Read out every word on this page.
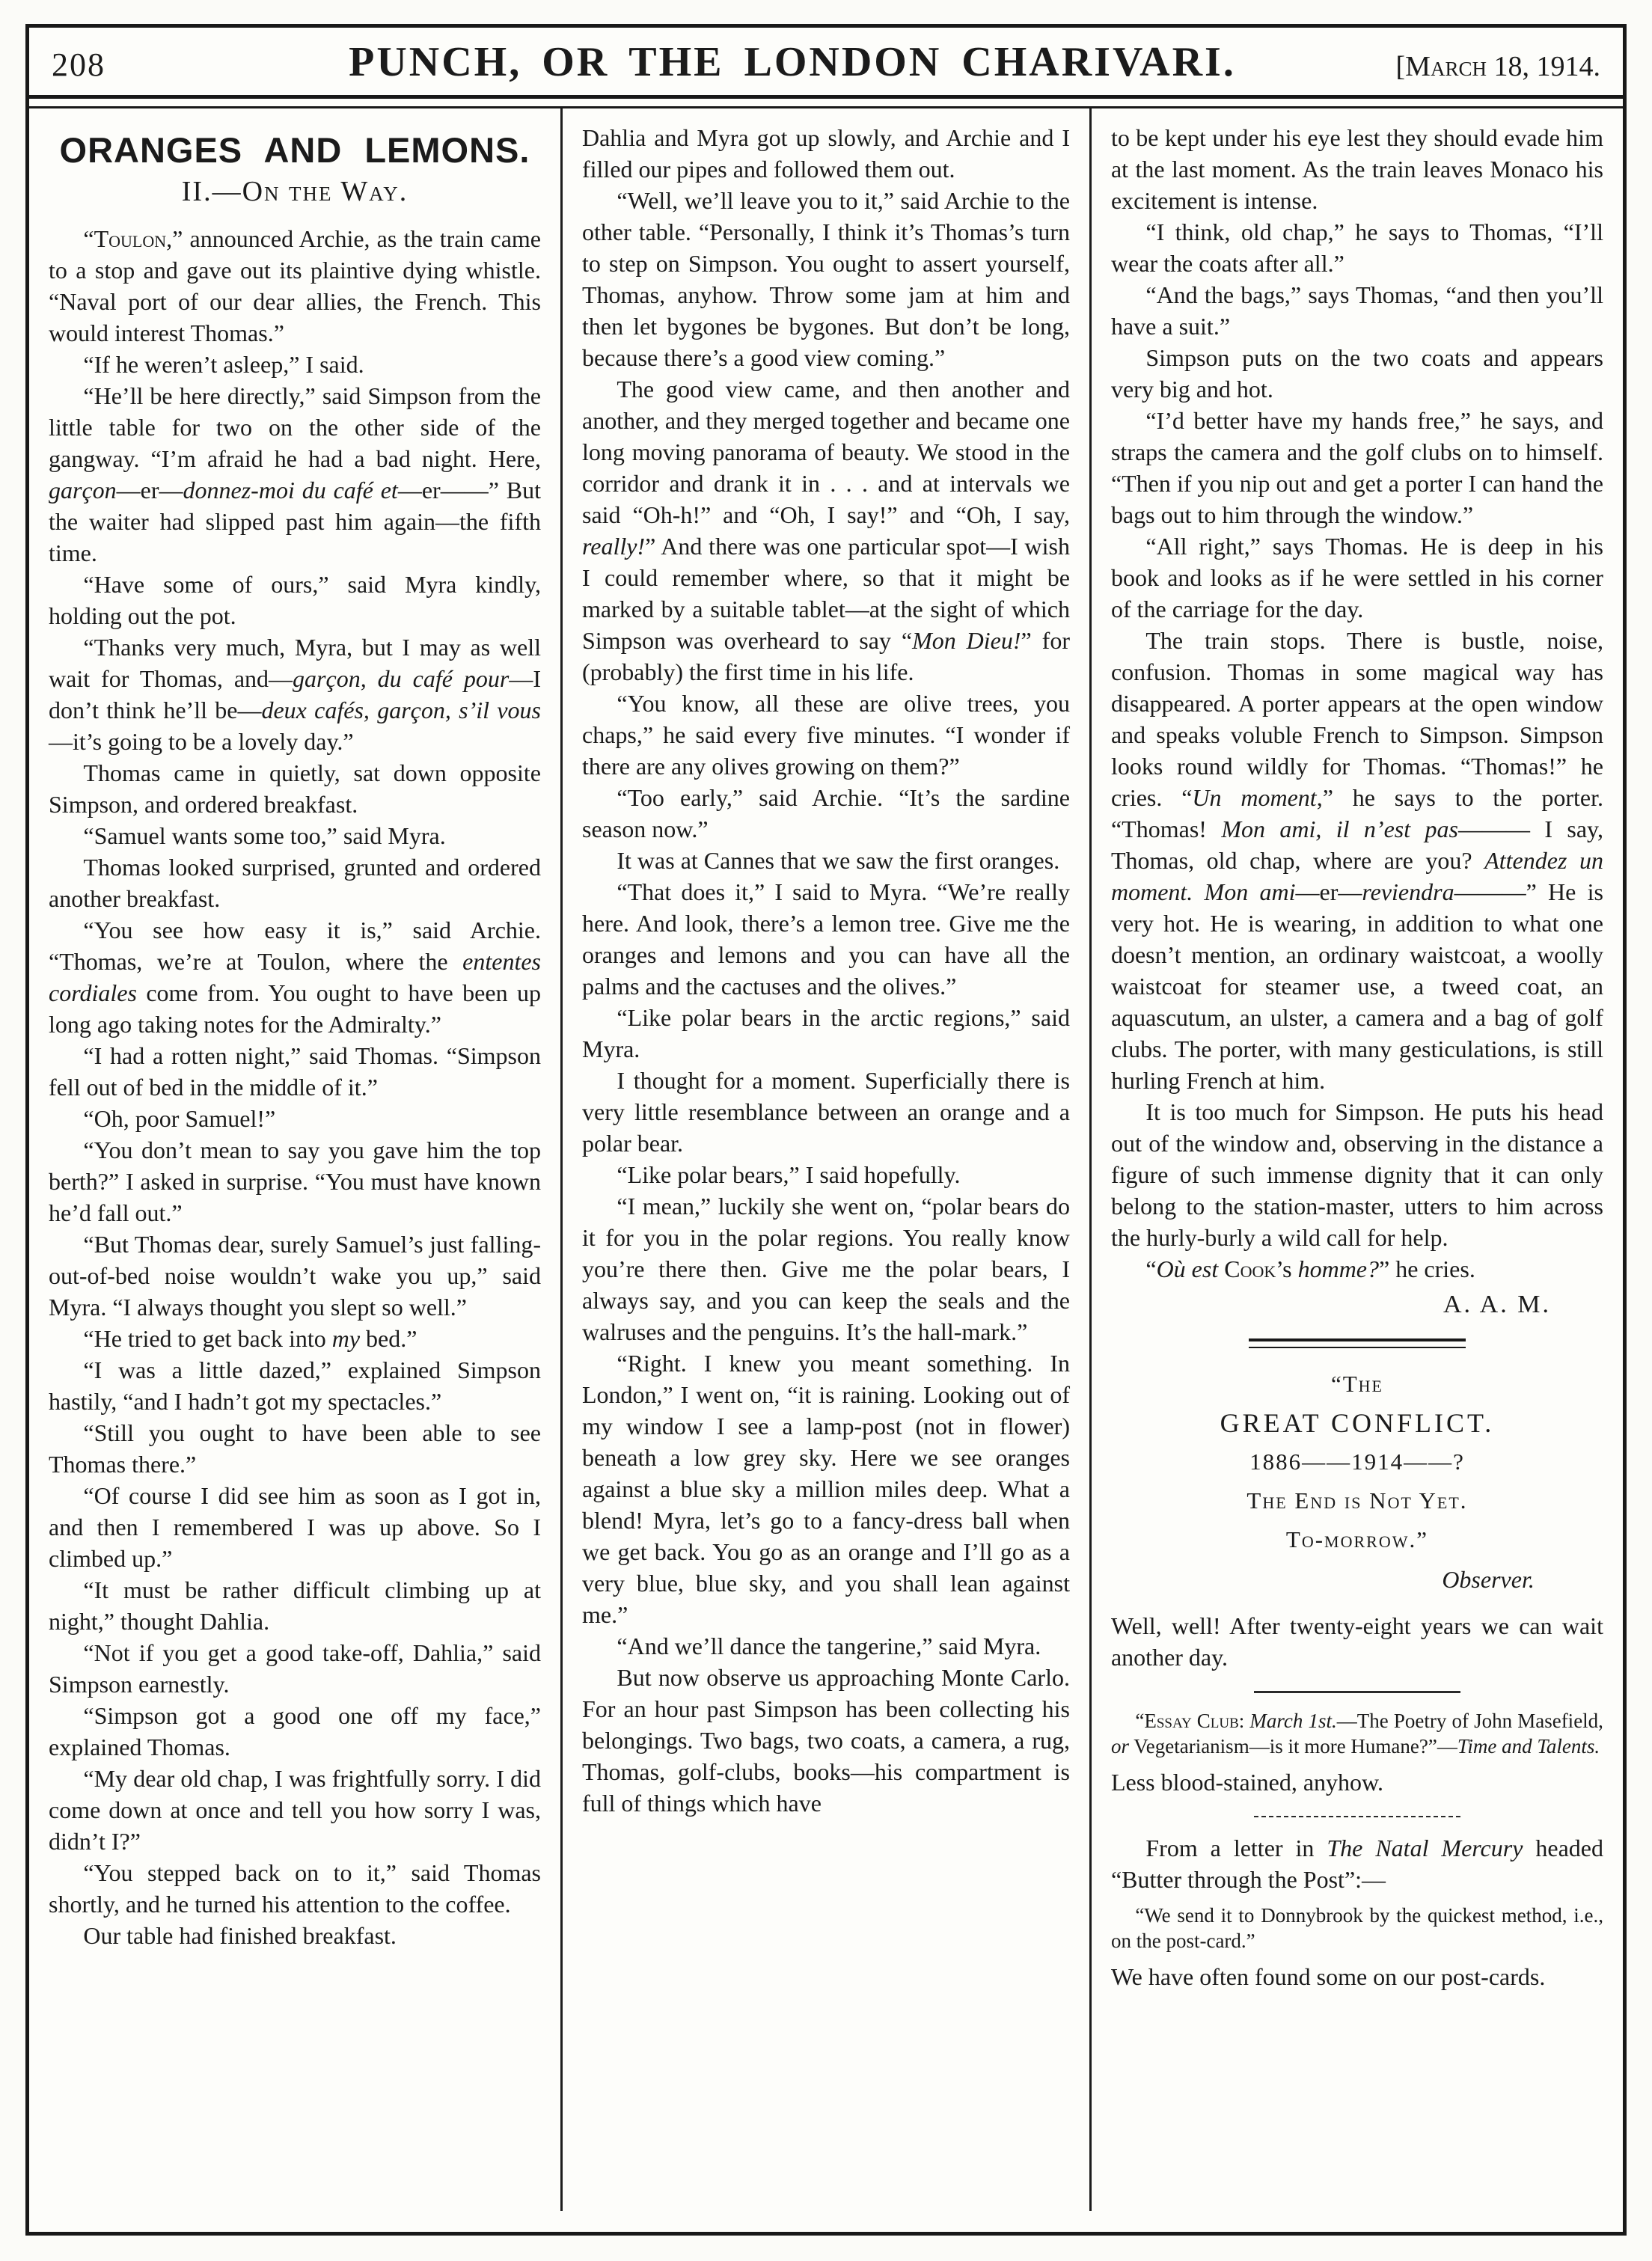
208	PUNCH, OR THE LONDON CHARIVARI.	[March 18, 1914.
ORANGES AND LEMONS.
II.—On the Way.

“Toulon,” announced Archie, as the train came to a stop and gave out its plaintive dying whistle. “Naval port of our dear allies, the French. This would interest Thomas.”

“If he weren’t asleep,” I said.

“He’ll be here directly,” said Simpson from the little table for two on the other side of the gangway. “I’m afraid he had a bad night. Here, garçon—er—donnez-moi du café et—er——” But the waiter had slipped past him again—the fifth time.

“Have some of ours,” said Myra kindly, holding out the pot.

“Thanks very much, Myra, but I may as well wait for Thomas, and—garçon, du café pour—I don’t think he’ll be—deux cafés, garçon, s’il vous—it’s going to be a lovely day.”

Thomas came in quietly, sat down opposite Simpson, and ordered breakfast.

“Samuel wants some too,” said Myra.

Thomas looked surprised, grunted and ordered another breakfast.

“You see how easy it is,” said Archie. “Thomas, we’re at Toulon, where the ententes cordiales come from. You ought to have been up long ago taking notes for the Admiralty.”

“I had a rotten night,” said Thomas. “Simpson fell out of bed in the middle of it.”

“Oh, poor Samuel!”

“You don’t mean to say you gave him the top berth?” I asked in surprise. “You must have known he’d fall out.”

“But Thomas dear, surely Samuel’s just falling-out-of-bed noise wouldn’t wake you up,” said Myra. “I always thought you slept so well.”

“He tried to get back into my bed.”

“I was a little dazed,” explained Simpson hastily, “and I hadn’t got my spectacles.”

“Still you ought to have been able to see Thomas there.”

“Of course I did see him as soon as I got in, and then I remembered I was up above. So I climbed up.”

“It must be rather difficult climbing up at night,” thought Dahlia.

“Not if you get a good take-off, Dahlia,” said Simpson earnestly.

“Simpson got a good one off my face,” explained Thomas.

“My dear old chap, I was frightfully sorry. I did come down at once and tell you how sorry I was, didn’t I?”

“You stepped back on to it,” said Thomas shortly, and he turned his attention to the coffee.

Our table had finished breakfast.

Dahlia and Myra got up slowly, and Archie and I filled our pipes and followed them out.

“Well, we’ll leave you to it,” said Archie to the other table. “Personally, I think it’s Thomas’s turn to step on Simpson. You ought to assert yourself, Thomas, anyhow. Throw some jam at him and then let bygones be bygones. But don’t be long, because there’s a good view coming.”

The good view came, and then another and another, and they merged together and became one long moving panorama of beauty. We stood in the corridor and drank it in . . . and at intervals we said “Oh-h!” and “Oh, I say!” and “Oh, I say, really!” And there was one particular spot—I wish I could remember where, so that it might be marked by a suitable tablet—at the sight of which Simpson was overheard to say “Mon Dieu!” for (probably) the first time in his life.

“You know, all these are olive trees, you chaps,” he said every five minutes. “I wonder if there are any olives growing on them?”

“Too early,” said Archie. “It’s the sardine season now.”

It was at Cannes that we saw the first oranges.

“That does it,” I said to Myra. “We’re really here. And look, there’s a lemon tree. Give me the oranges and lemons and you can have all the palms and the cactuses and the olives.”

“Like polar bears in the arctic regions,” said Myra.

I thought for a moment. Superficially there is very little resemblance between an orange and a polar bear.

“Like polar bears,” I said hopefully.

“I mean,” luckily she went on, “polar bears do it for you in the polar regions. You really know you’re there then. Give me the polar bears, I always say, and you can keep the seals and the walruses and the penguins. It’s the hall-mark.”

“Right. I knew you meant something. In London,” I went on, “it is raining. Looking out of my window I see a lamp-post (not in flower) beneath a low grey sky. Here we see oranges against a blue sky a million miles deep. What a blend! Myra, let’s go to a fancy-dress ball when we get back. You go as an orange and I’ll go as a very blue, blue sky, and you shall lean against me.”

“And we’ll dance the tangerine,” said Myra.

But now observe us approaching Monte Carlo. For an hour past Simpson has been collecting his belongings. Two bags, two coats, a camera, a rug, Thomas, golf-clubs, books—his compartment is full of things which have

to be kept under his eye lest they should evade him at the last moment. As the train leaves Monaco his excitement is intense.

“I think, old chap,” he says to Thomas, “I’ll wear the coats after all.”

“And the bags,” says Thomas, “and then you’ll have a suit.”

Simpson puts on the two coats and appears very big and hot.

“I’d better have my hands free,” he says, and straps the camera and the golf clubs on to himself. “Then if you nip out and get a porter I can hand the bags out to him through the window.”

“All right,” says Thomas. He is deep in his book and looks as if he were settled in his corner of the carriage for the day.

The train stops. There is bustle, noise, confusion. Thomas in some magical way has disappeared. A porter appears at the open window and speaks voluble French to Simpson. Simpson looks round wildly for Thomas. “Thomas!” he cries. “Un moment,” he says to the porter. “Thomas! Mon ami, il n’est pas——— I say, Thomas, old chap, where are you? Attendez un moment. Mon ami—er—reviendra———” He is very hot. He is wearing, in addition to what one doesn’t mention, an ordinary waistcoat, a woolly waistcoat for steamer use, a tweed coat, an aquascutum, an ulster, a camera and a bag of golf clubs. The porter, with many gesticulations, is still hurling French at him.

It is too much for Simpson. He puts his head out of the window and, observing in the distance a figure of such immense dignity that it can only belong to the station-master, utters to him across the hurly-burly a wild call for help.

“Où est Cook’s homme?” he cries.

A. A. M.
“The
GREAT CONFLICT.
1886——1914——?
The End is Not Yet.
To-morrow.”
Observer.

Well, well! After twenty-eight years we can wait another day.

“Essay Club: March 1st.—The Poetry of John Masefield, or Vegetarianism—is it more Humane?”—Time and Talents.

Less blood-stained, anyhow.

From a letter in The Natal Mercury headed “Butter through the Post”:—

“We send it to Donnybrook by the quickest method, i.e., on the post-card.”

We have often found some on our post-cards.
